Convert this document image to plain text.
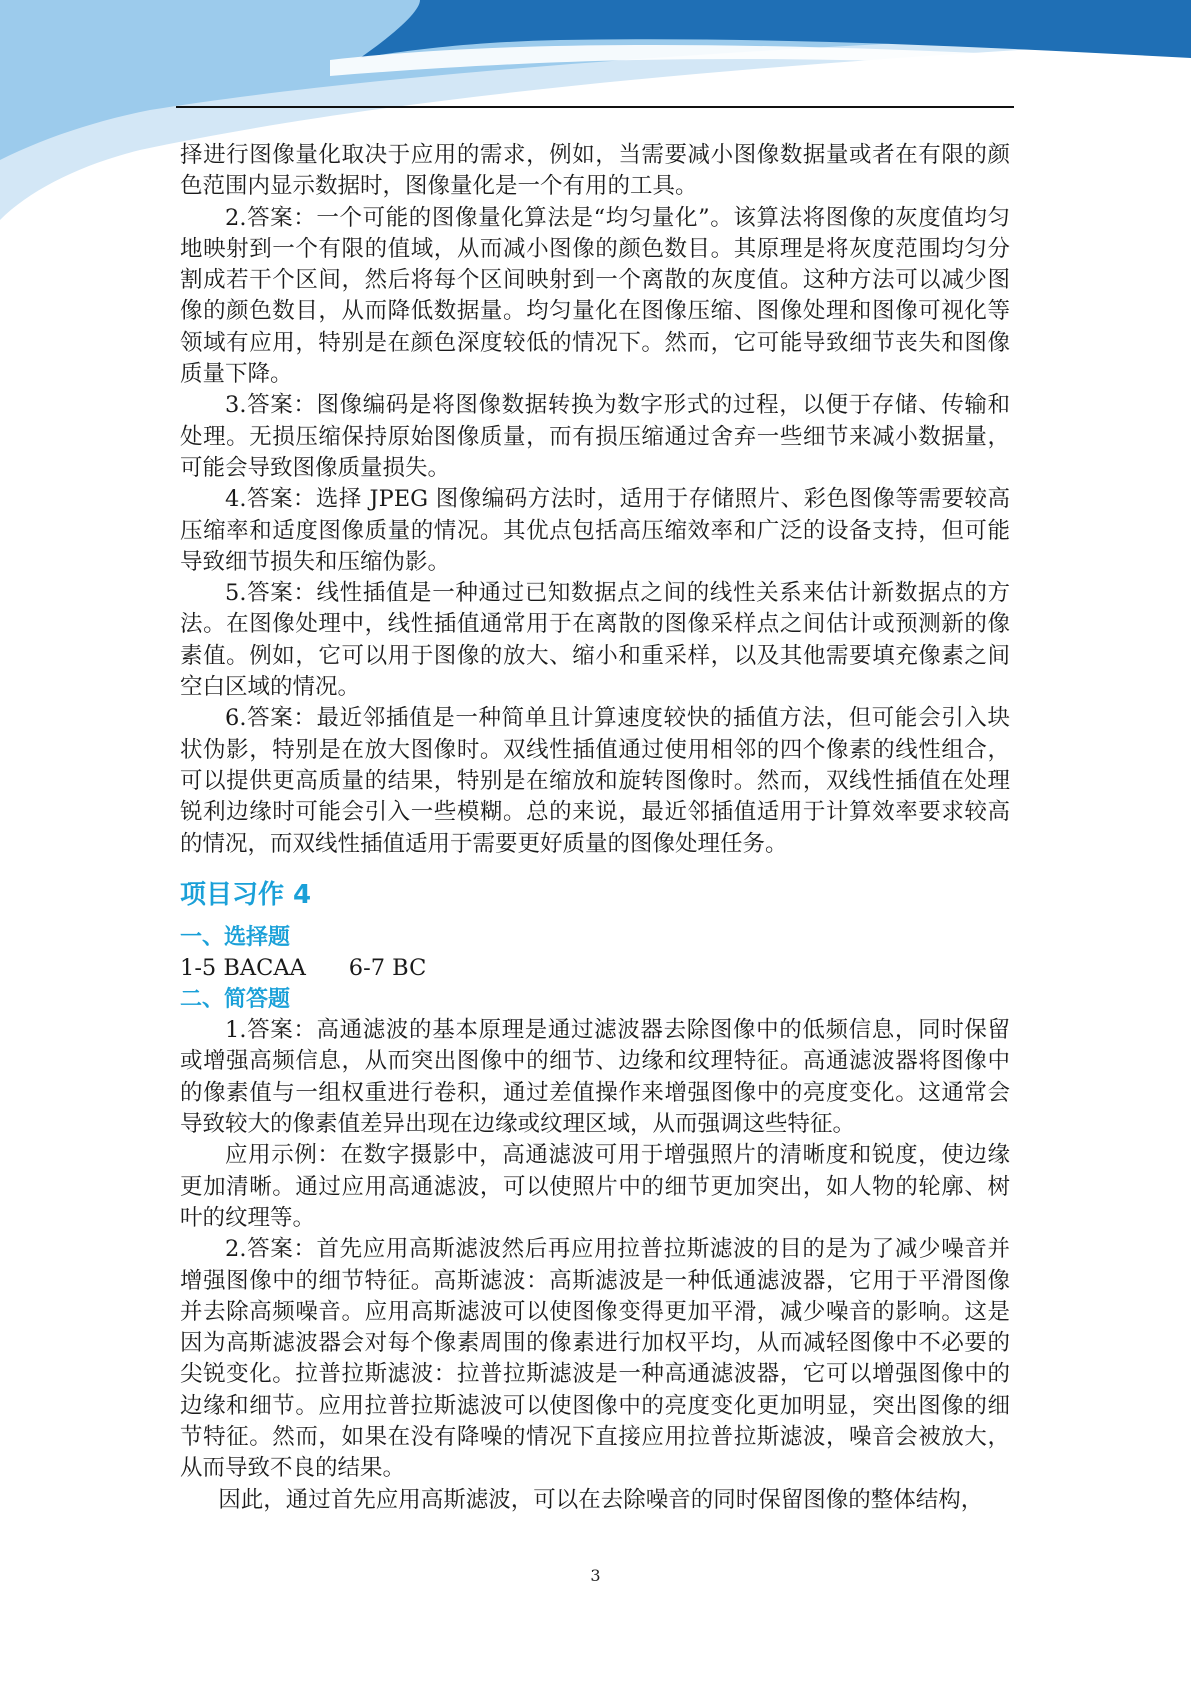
择进行图像量化取决于应用的需求，例如，当需要减小图像数据量或者在有限的颜色范围内显示数据时，图像量化是一个有用的工具。

2.答案：一个可能的图像量化算法是“均匀量化”。该算法将图像的灰度值均匀地映射到一个有限的值域，从而减小图像的颜色数目。其原理是将灰度范围均匀分割成若干个区间，然后将每个区间映射到一个离散的灰度值。这种方法可以减少图像的颜色数目，从而降低数据量。均匀量化在图像压缩、图像处理和图像可视化等领域有应用，特别是在颜色深度较低的情况下。然而，它可能导致细节丧失和图像质量下降。

3.答案：图像编码是将图像数据转换为数字形式的过程，以便于存储、传输和处理。无损压缩保持原始图像质量，而有损压缩通过舍弃一些细节来减小数据量，可能会导致图像质量损失。

4.答案：选择 JPEG 图像编码方法时，适用于存储照片、彩色图像等需要较高压缩率和适度图像质量的情况。其优点包括高压缩效率和广泛的设备支持，但可能导致细节损失和压缩伪影。

5.答案：线性插值是一种通过已知数据点之间的线性关系来估计新数据点的方法。在图像处理中，线性插值通常用于在离散的图像采样点之间估计或预测新的像素值。例如，它可以用于图像的放大、缩小和重采样，以及其他需要填充像素之间空白区域的情况。

6.答案：最近邻插值是一种简单且计算速度较快的插值方法，但可能会引入块状伪影，特别是在放大图像时。双线性插值通过使用相邻的四个像素的线性组合，可以提供更高质量的结果，特别是在缩放和旋转图像时。然而，双线性插值在处理锐利边缘时可能会引入一些模糊。总的来说，最近邻插值适用于计算效率要求较高的情况，而双线性插值适用于需要更好质量的图像处理任务。

项目习作 4
一、选择题

1-5 BACAA      6-7 BC

二、简答题

1.答案：高通滤波的基本原理是通过滤波器去除图像中的低频信息，同时保留或增强高频信息，从而突出图像中的细节、边缘和纹理特征。高通滤波器将图像中的像素值与一组权重进行卷积，通过差值操作来增强图像中的亮度变化。这通常会导致较大的像素值差异出现在边缘或纹理区域，从而强调这些特征。

应用示例：在数字摄影中，高通滤波可用于增强照片的清晰度和锐度，使边缘更加清晰。通过应用高通滤波，可以使照片中的细节更加突出，如人物的轮廓、树叶的纹理等。

2.答案：首先应用高斯滤波然后再应用拉普拉斯滤波的目的是为了减少噪音并增强图像中的细节特征。高斯滤波：高斯滤波是一种低通滤波器，它用于平滑图像并去除高频噪音。应用高斯滤波可以使图像变得更加平滑，减少噪音的影响。这是因为高斯滤波器会对每个像素周围的像素进行加权平均，从而减轻图像中不必要的尖锐变化。拉普拉斯滤波：拉普拉斯滤波是一种高通滤波器，它可以增强图像中的边缘和细节。应用拉普拉斯滤波可以使图像中的亮度变化更加明显，突出图像的细节特征。然而，如果在没有降噪的情况下直接应用拉普拉斯滤波，噪音会被放大，从而导致不良的结果。

因此，通过首先应用高斯滤波，可以在去除噪音的同时保留图像的整体结构，

3
